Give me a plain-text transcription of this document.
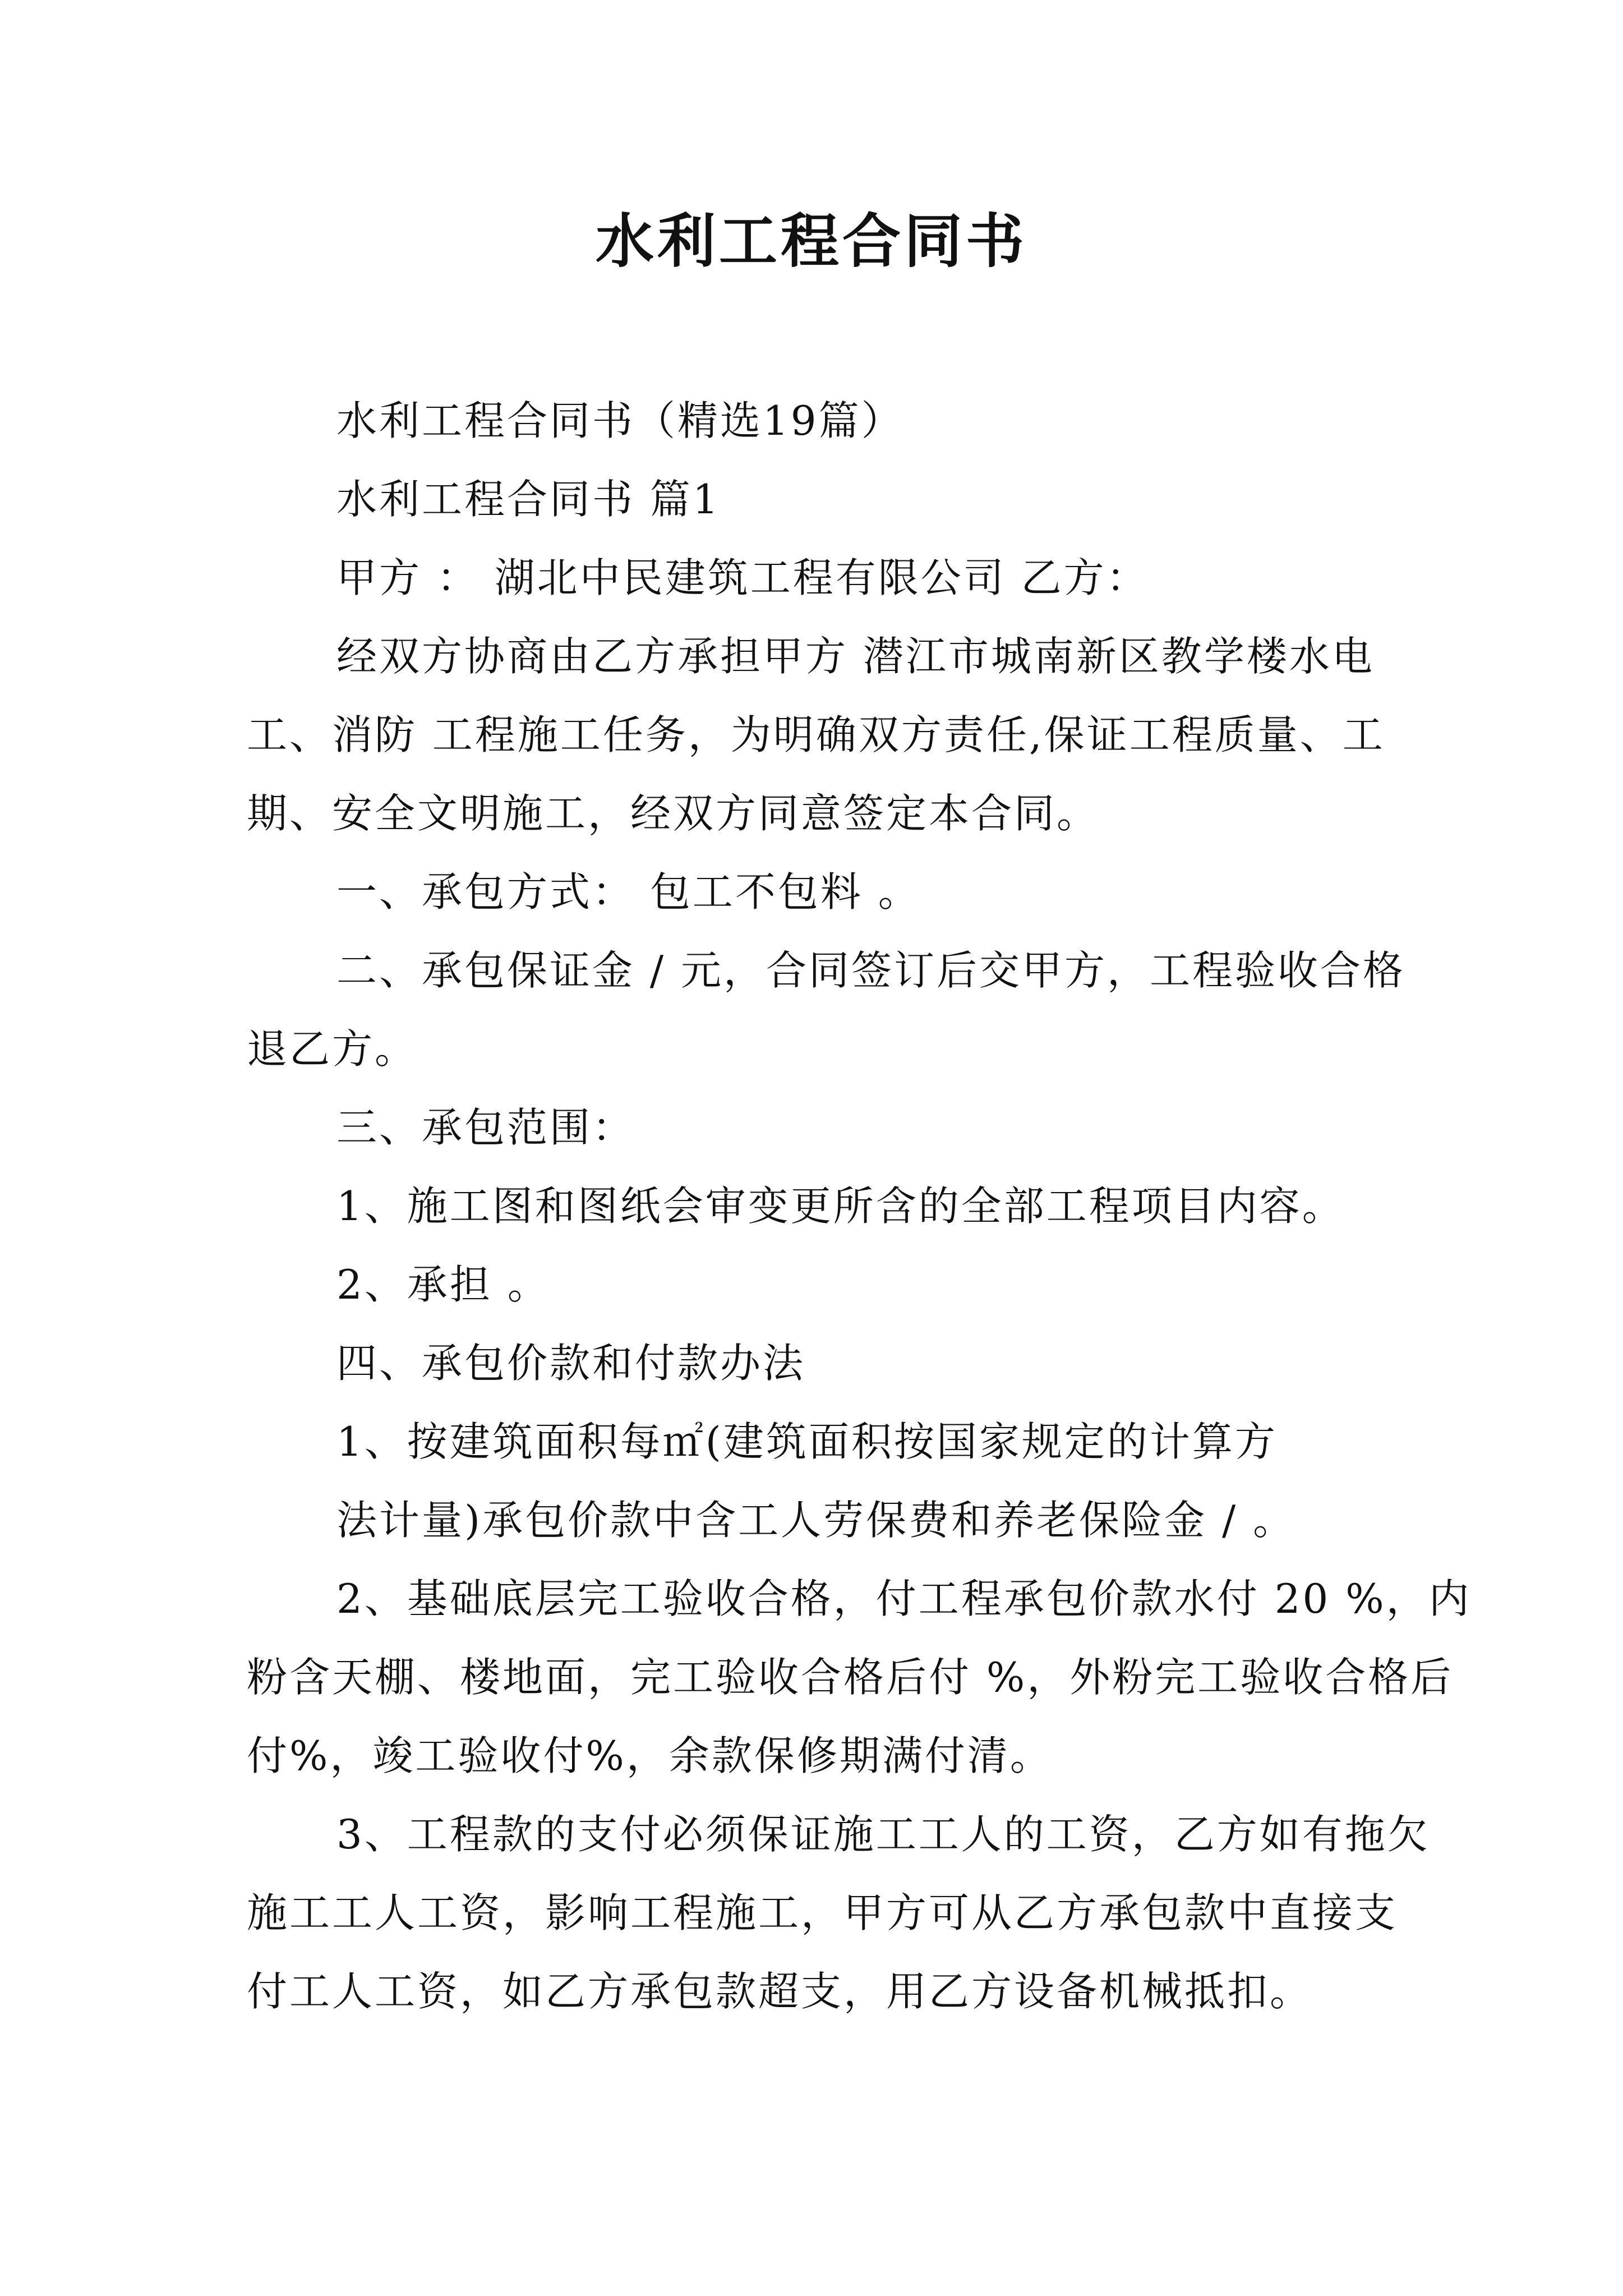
水利工程合同书

水利工程合同书（精选19篇）

水利工程合同书 篇1

甲方 ： 湖北中民建筑工程有限公司 乙方：

经双方协商由乙方承担甲方 潜江市城南新区教学楼水电工、消防 工程施工任务，为明确双方责任,保证工程质量、工期、安全文明施工，经双方同意签定本合同。

一、承包方式： 包工不包料 。

二、承包保证金 / 元，合同签订后交甲方，工程验收合格退乙方。

三、承包范围：

1、施工图和图纸会审变更所含的全部工程项目内容。

2、承担 。

四、承包价款和付款办法

1、按建筑面积每㎡(建筑面积按国家规定的计算方

法计量)承包价款中含工人劳保费和养老保险金 / 。

2、基础底层完工验收合格，付工程承包价款水付 20 %，内粉含天棚、楼地面，完工验收合格后付 %，外粉完工验收合格后付%，竣工验收付%，余款保修期满付清。

3、工程款的支付必须保证施工工人的工资，乙方如有拖欠施工工人工资，影响工程施工，甲方可从乙方承包款中直接支付工人工资，如乙方承包款超支，用乙方设备机械抵扣。
